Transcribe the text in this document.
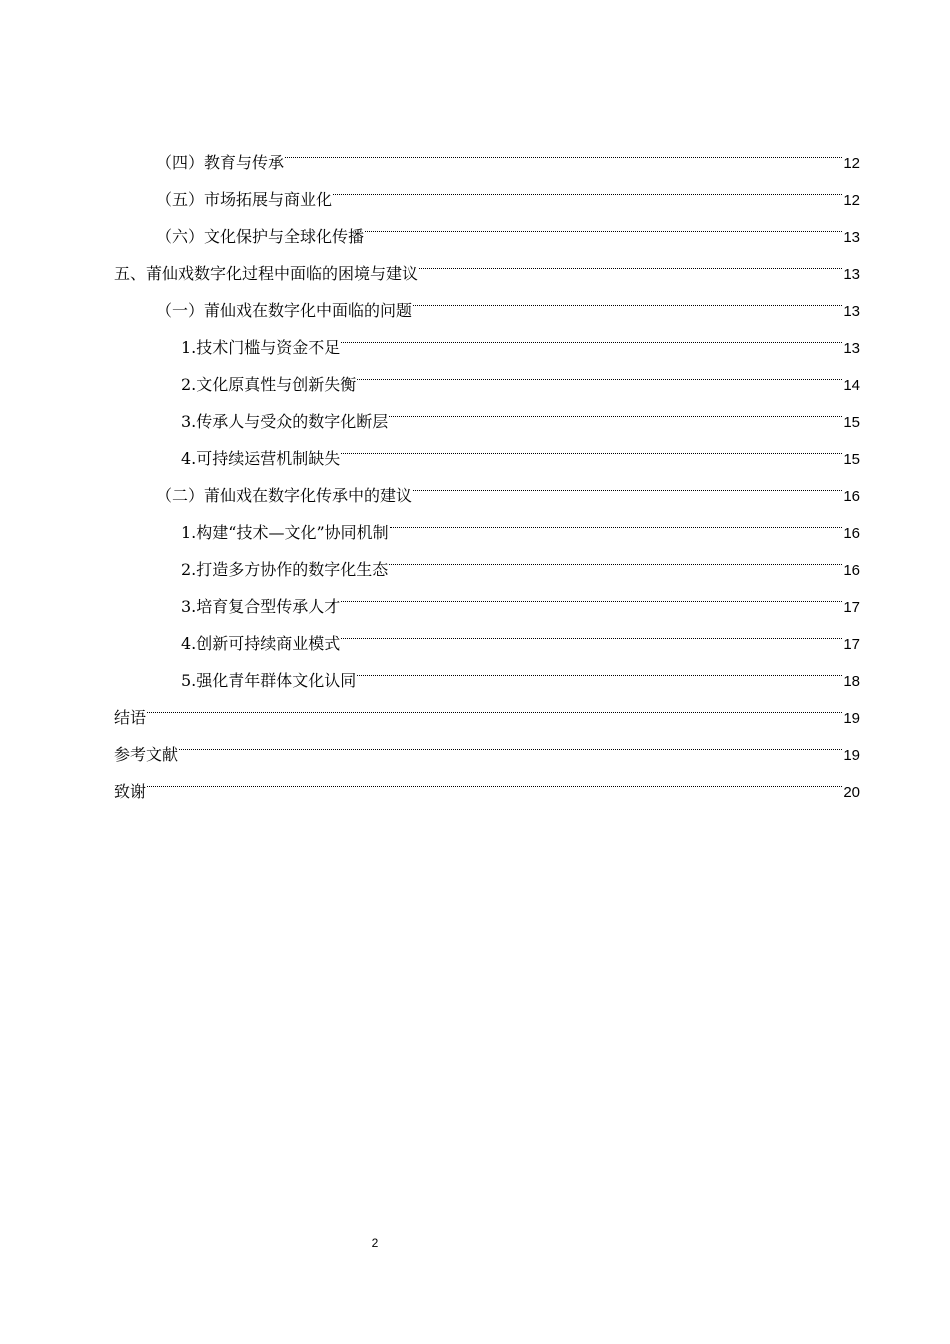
（四）教育与传承	12
（五）市场拓展与商业化	12
（六）文化保护与全球化传播	13
五、莆仙戏数字化过程中面临的困境与建议	13
（一）莆仙戏在数字化中面临的问题	13
1.技术门槛与资金不足	13
2.文化原真性与创新失衡	14
3.传承人与受众的数字化断层	15
4.可持续运营机制缺失	15
（二）莆仙戏在数字化传承中的建议	16
1.构建“技术—文化”协同机制	16
2.打造多方协作的数字化生态	16
3.培育复合型传承人才	17
4.创新可持续商业模式	17
5.强化青年群体文化认同	18
结语	19
参考文献	19
致谢	20
2
